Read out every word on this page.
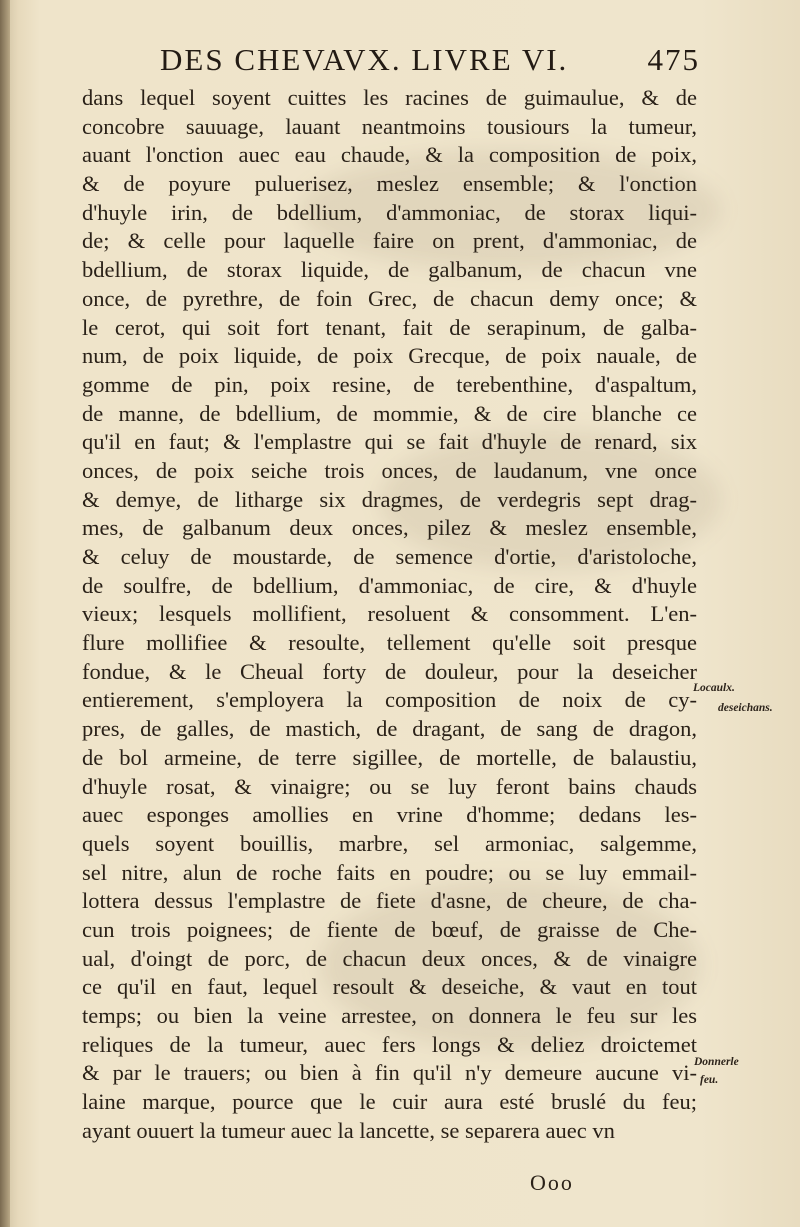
DES CHEVAVX. LIVRE VI.	475
dans lequel soyent cuittes les racines de guimaulue, & de
concobre sauuage, lauant neantmoins tousiours la tumeur,
auant l'onction auec eau chaude, & la composition de poix,
& de poyure puluerisez, meslez ensemble; & l'onction
d'huyle irin, de bdellium, d'ammoniac, de storax liqui-
de; & celle pour laquelle faire on prent, d'ammoniac, de
bdellium, de storax liquide, de galbanum, de chacun vne
once, de pyrethre, de foin Grec, de chacun demy once; &
le cerot, qui soit fort tenant, fait de serapinum, de galba-
num, de poix liquide, de poix Grecque, de poix nauale, de
gomme de pin, poix resine, de terebenthine, d'aspaltum,
de manne, de bdellium, de mommie, & de cire blanche ce
qu'il en faut; & l'emplastre qui se fait d'huyle de renard, six
onces, de poix seiche trois onces, de laudanum, vne once
& demye, de litharge six dragmes, de verdegris sept drag-
mes, de galbanum deux onces, pilez & meslez ensemble,
& celuy de moustarde, de semence d'ortie, d'aristoloche,
de soulfre, de bdellium, d'ammoniac, de cire, & d'huyle
vieux; lesquels mollifient, resoluent & consomment. L'en-
flure mollifiee & resoulte, tellement qu'elle soit presque
fondue, & le Cheual forty de douleur, pour la deseicher
entierement, s'employera la composition de noix de cy-
pres, de galles, de mastich, de dragant, de sang de dragon,
de bol armeine, de terre sigillee, de mortelle, de balaustiu,
d'huyle rosat, & vinaigre; ou se luy feront bains chauds
auec esponges amollies en vrine d'homme; dedans les-
quels soyent bouillis, marbre, sel armoniac, salgemme,
sel nitre, alun de roche faits en poudre; ou se luy emmail-
lottera dessus l'emplastre de fiete d'asne, de cheure, de cha-
cun trois poignees; de fiente de bœuf, de graisse de Che-
ual, d'oingt de porc, de chacun deux onces, & de vinaigre
ce qu'il en faut, lequel resoult & deseiche, & vaut en tout
temps; ou bien la veine arrestee, on donnera le feu sur les
reliques de la tumeur, auec fers longs & deliez droictemet
& par le trauers; ou bien à fin qu'il n'y demeure aucune vi-
laine marque, pource que le cuir aura esté bruslé du feu;
ayant ouuert la tumeur auec la lancette, se separera auec vn
Locaulx.
deseichans.
Donnerle
feu.
Ooo
